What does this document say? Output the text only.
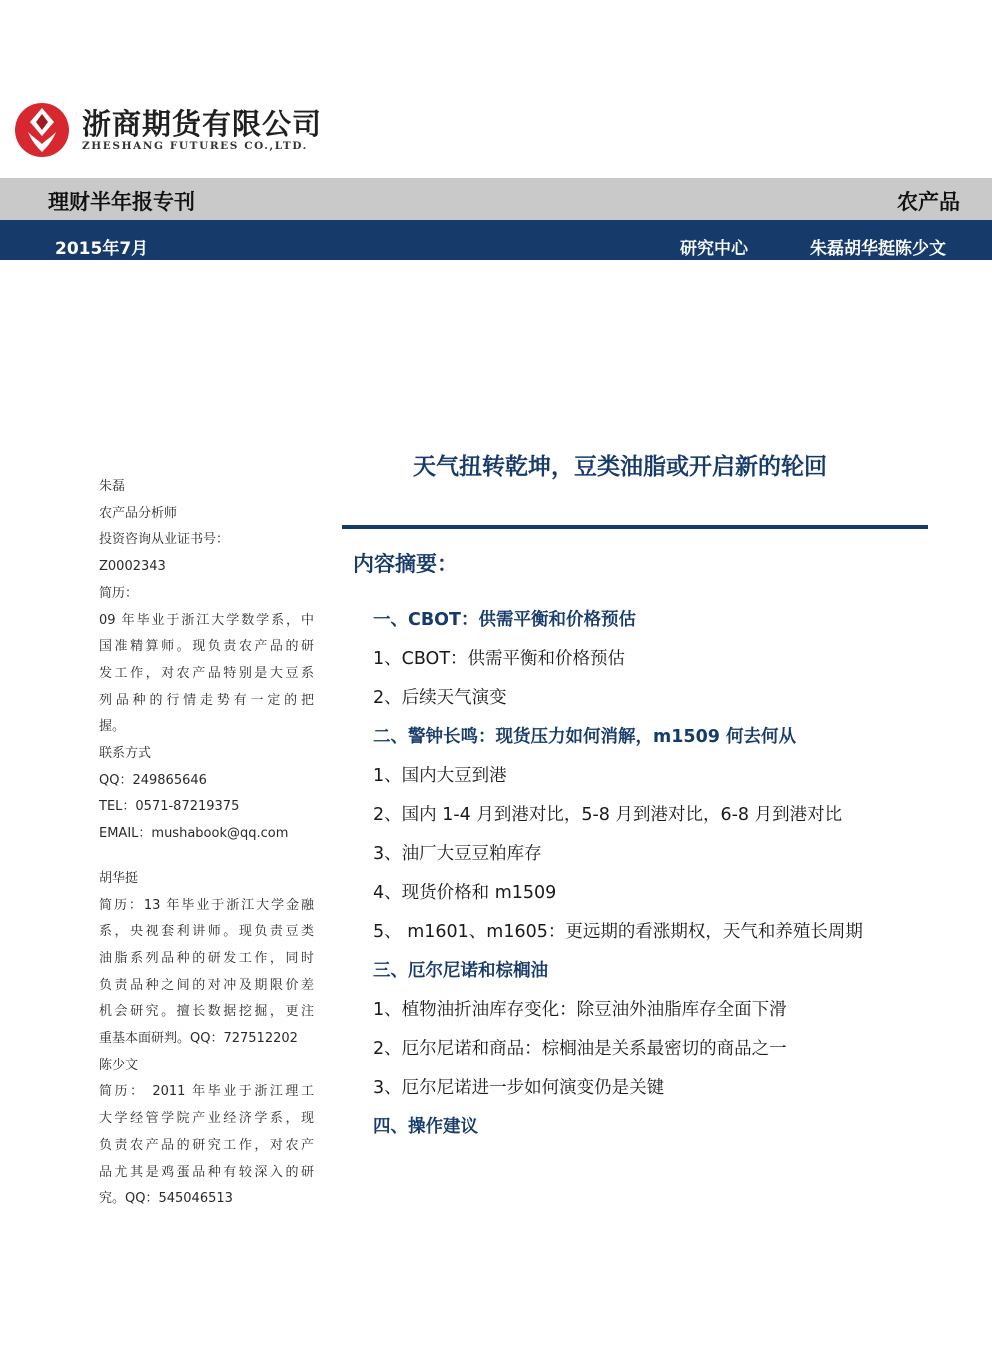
浙商期货有限公司
ZHESHANG FUTURES CO.,LTD.
理财半年报专刊	农产品
2015年7月	研究中心	朱磊胡华挺陈少文
朱磊
农产品分析师
投资咨询从业证书号：
Z0002343
简历：
09 年毕业于浙江大学数学系，中
国准精算师。现负责农产品的研
发工作，对农产品特别是大豆系
列品种的行情走势有一定的把
握。
联系方式
QQ：249865646
TEL：0571-87219375
EMAIL：mushabook@qq.com
胡华挺
简历：13 年毕业于浙江大学金融
系，央视套利讲师。现负责豆类
油脂系列品种的研发工作，同时
负责品种之间的对冲及期限价差
机会研究。擅长数据挖掘，更注
重基本面研判。QQ：727512202
陈少文
简历： 2011 年毕业于浙江理工
大学经管学院产业经济学系，现
负责农产品的研究工作，对农产
品尤其是鸡蛋品种有较深入的研
究。QQ：545046513
天气扭转乾坤，豆类油脂或开启新的轮回
内容摘要：
一、CBOT：供需平衡和价格预估
1、CBOT：供需平衡和价格预估
2、后续天气演变
二、警钟长鸣：现货压力如何消解，m1509 何去何从
1、国内大豆到港
2、国内 1-4 月到港对比，5-8 月到港对比，6-8 月到港对比
3、油厂大豆豆粕库存
4、现货价格和 m1509
5、 m1601、m1605：更远期的看涨期权，天气和养殖长周期
三、厄尔尼诺和棕榈油
1、植物油折油库存变化：除豆油外油脂库存全面下滑
2、厄尔尼诺和商品：棕榈油是关系最密切的商品之一
3、厄尔尼诺进一步如何演变仍是关键
四、操作建议
